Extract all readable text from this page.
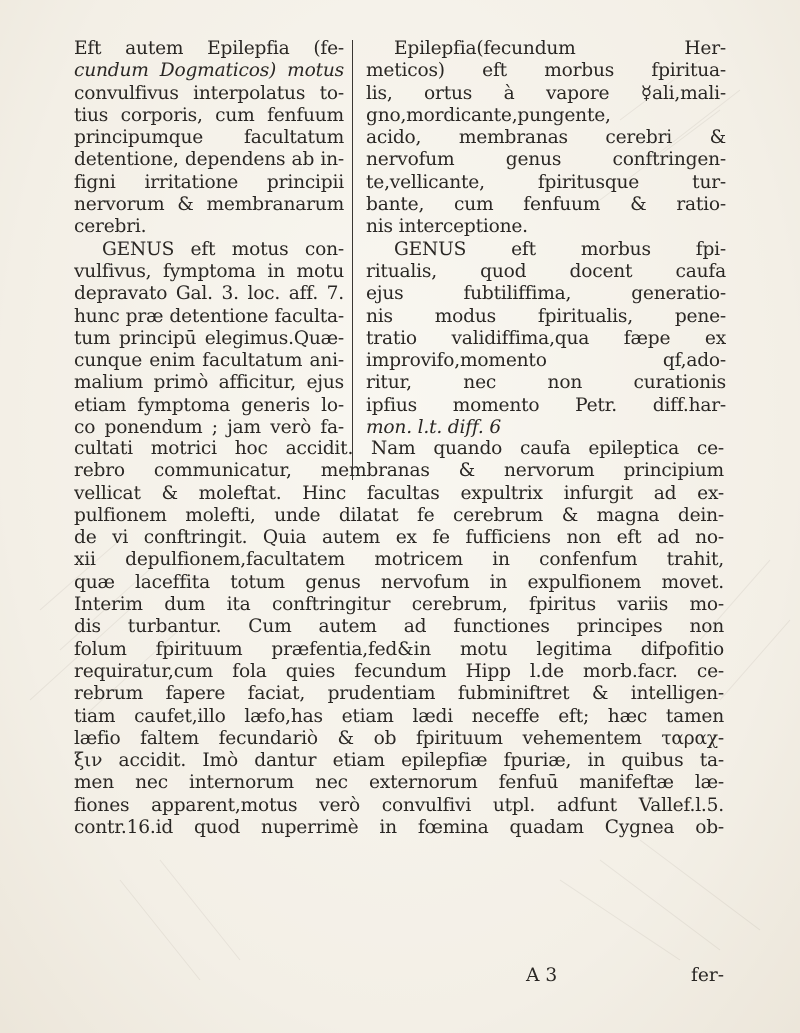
Eft autem Epilepfia (fe-
cundum Dogmaticos) motus
convulfivus interpolatus to-
tius corporis, cum fenfuum
principumque facultatum
detentione, dependens ab in-
figni irritatione principii
nervorum & membranarum
cerebri.
GENUS eft motus con-
vulfivus, fymptoma in motu
depravato Gal. 3. loc. aff. 7.
hunc præ detentione faculta-
tum principū elegimus.Quæ-
cunque enim facultatum ani-
malium primò afficitur, ejus
etiam fymptoma generis lo-
co ponendum ; jam verò fa-
Epilepfia(fecundum Her-
meticos) eft morbus fpiritua-
lis, ortus à vapore ☿ali,mali-
gno,mordicante,pungente,
acido, membranas cerebri &
nervofum genus conftringen-
te,vellicante, fpiritusque tur-
bante, cum fenfuum & ratio-
nis interceptione.
GENUS eft morbus fpi-
ritualis, quod docent caufa
ejus fubtiliffima, generatio-
nis modus fpiritualis, pene-
tratio validiffima,qua fæpe ex
improvifo,momento qf,ado-
ritur, nec non curationis
ipfius momento Petr. diff.har-
mon. l.t. diff. 6
cultati motrici hoc accidit. Nam quando caufa epileptica ce-
rebro communicatur, membranas & nervorum principium
vellicat & moleftat. Hinc facultas expultrix infurgit ad ex-
pulfionem molefti, unde dilatat fe cerebrum & magna dein-
de vi conftringit. Quia autem ex fe fufficiens non eft ad no-
xii depulfionem,facultatem motricem in confenfum trahit,
quæ laceffita totum genus nervofum in expulfionem movet.
Interim dum ita conftringitur cerebrum, fpiritus variis mo-
dis turbantur. Cum autem ad functiones principes non
folum fpirituum præfentia,fed&in motu legitima difpofitio
requiratur,cum fola quies fecundum Hipp l.de morb.facr. ce-
rebrum fapere faciat, prudentiam fubminiftret & intelligen-
tiam caufet,illo læfo,has etiam lædi neceffe eft; hæc tamen
læfio faltem fecundariò & ob fpirituum vehementem ταραχ-
ξιν accidit. Imò dantur etiam epilepfiæ fpuriæ, in quibus ta-
men nec internorum nec externorum fenfuū manifeftæ læ-
fiones apparent,motus verò convulfivi utpl. adfunt Vallef.l.5.
contr.16.id quod nuperrimè in fœmina quadam Cygnea ob-
A 3	fer-
